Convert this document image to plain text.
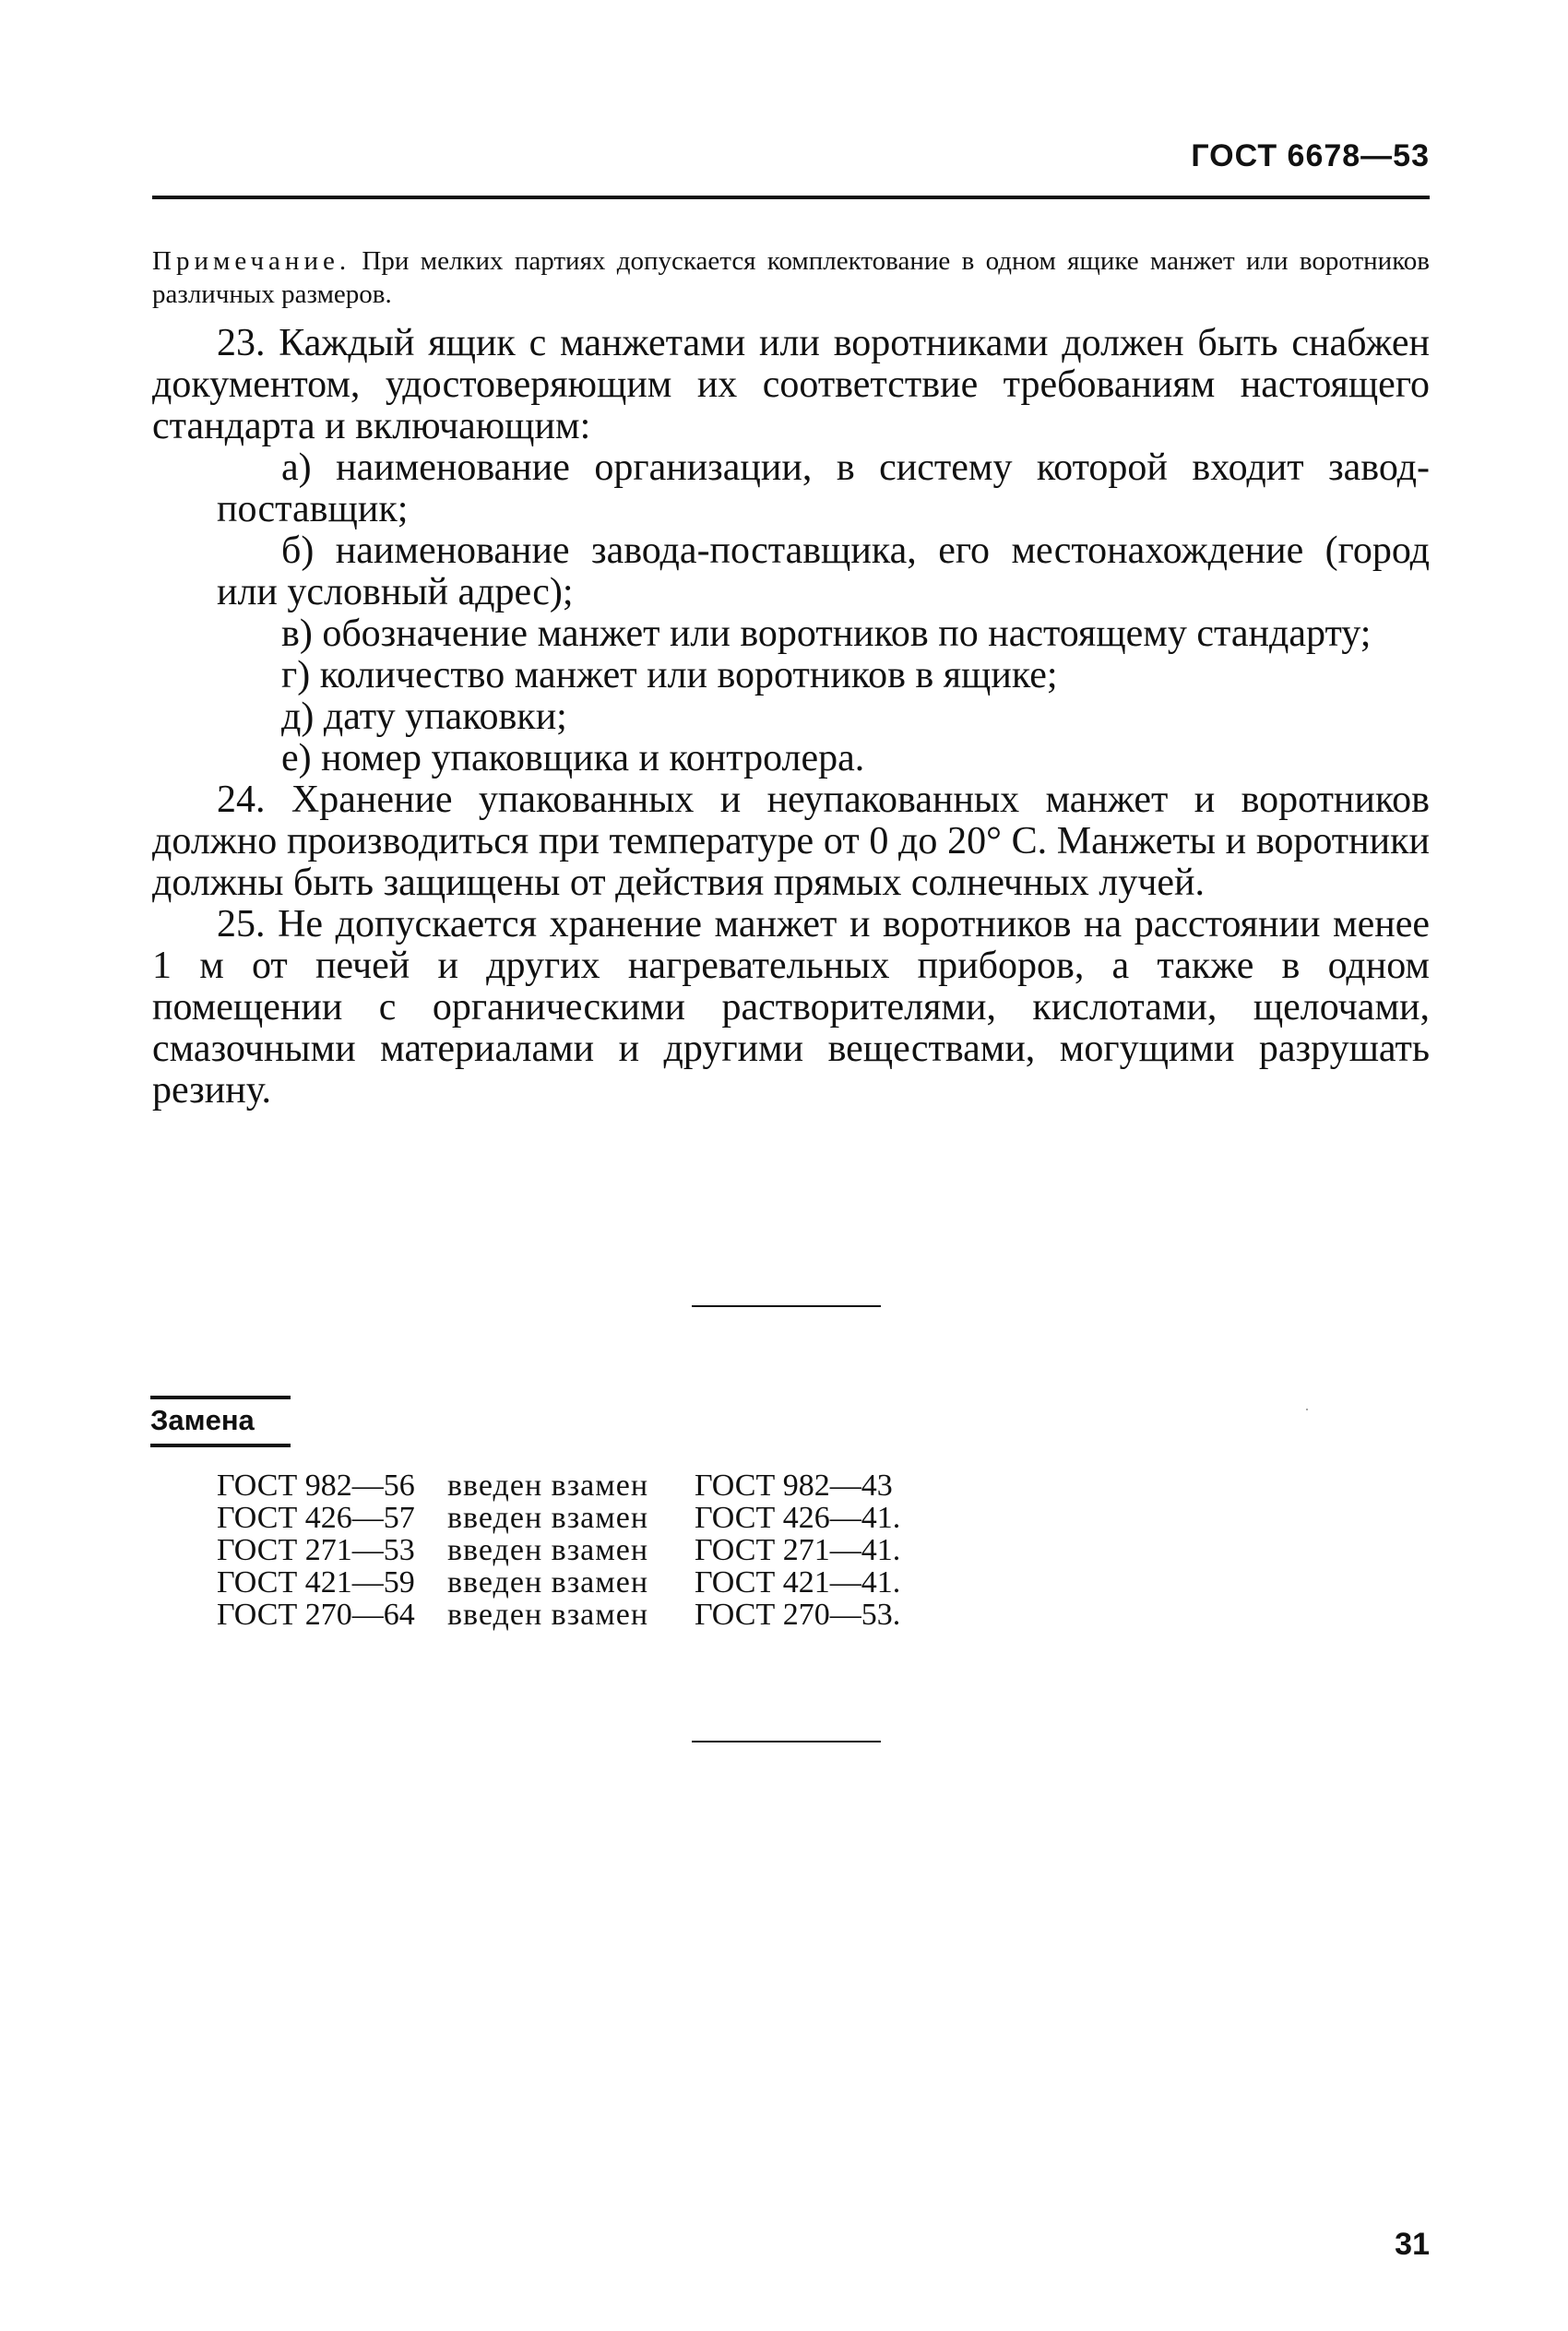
ГОСТ 6678—53
Примечание. При мелких партиях допускается комплектование в одном ящике манжет или воротников различных размеров.

23. Каждый ящик с манжетами или воротниками должен быть снабжен документом, удостоверяющим их соответствие требованиям настоящего стандарта и включающим:

а) наименование организации, в систему которой входит завод-поставщик;

б) наименование завода-поставщика, его местонахождение (город или условный адрес);

в) обозначение манжет или воротников по настоящему стандарту;

г) количество манжет или воротников в ящике;

д) дату упаковки;

е) номер упаковщика и контролера.

24. Хранение упакованных и неупакованных манжет и воротников должно производиться при температуре от 0 до 20° С. Манжеты и воротники должны быть защищены от действия прямых солнечных лучей.

25. Не допускается хранение манжет и воротников на расстоянии менее 1 м от печей и других нагревательных приборов, а также в одном помещении с органическими растворителями, кислотами, щелочами, смазочными материалами и другими веществами, могущими разрушать резину.

Замена
ГОСТ 982—56	введен взамен	ГОСТ 982—43
ГОСТ 426—57	введен взамен	ГОСТ 426—41.
ГОСТ 271—53	введен взамен	ГОСТ 271—41.
ГОСТ 421—59	введен взамен	ГОСТ 421—41.
ГОСТ 270—64	введен взамен	ГОСТ 270—53.
31
